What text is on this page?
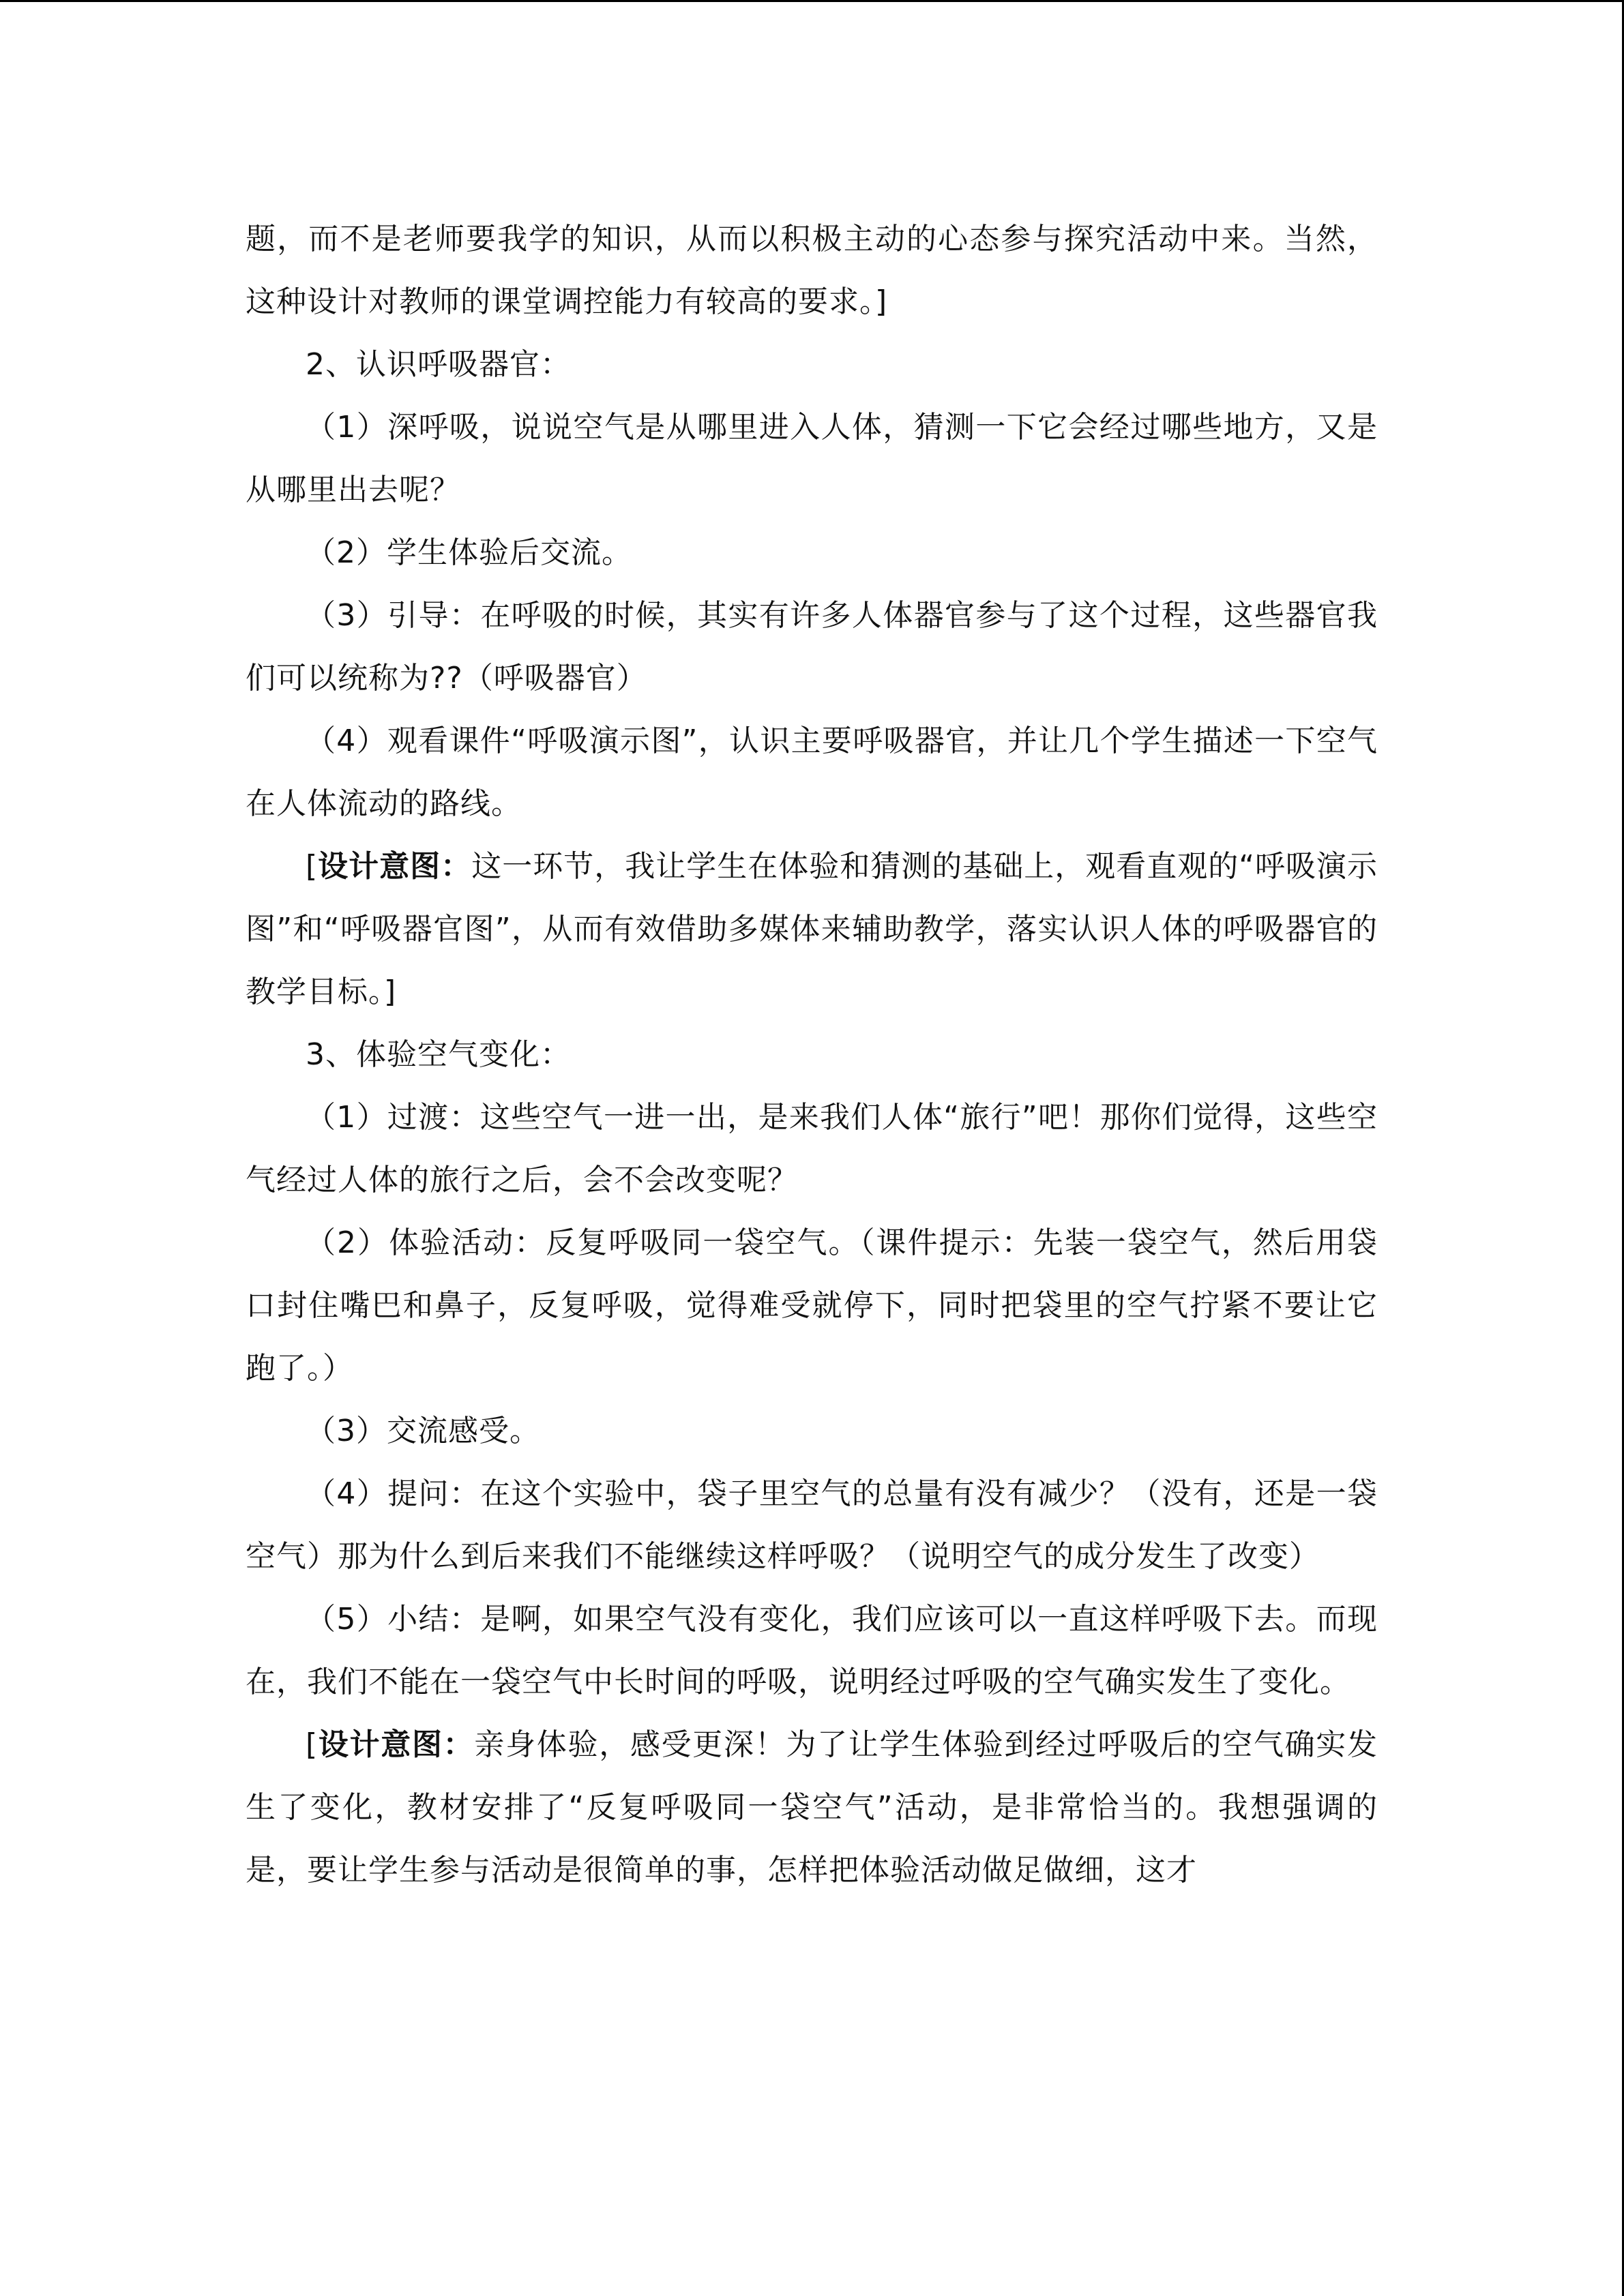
题，而不是老师要我学的知识，从而以积极主动的心态参与探究活动中来。当然，这种设计对教师的课堂调控能力有较高的要求。]

2、认识呼吸器官：

（1）深呼吸，说说空气是从哪里进入人体，猜测一下它会经过哪些地方，又是从哪里出去呢？

（2）学生体验后交流。

（3）引导：在呼吸的时候，其实有许多人体器官参与了这个过程，这些器官我们可以统称为??（呼吸器官）

（4）观看课件“呼吸演示图”，认识主要呼吸器官，并让几个学生描述一下空气在人体流动的路线。

[设计意图：这一环节，我让学生在体验和猜测的基础上，观看直观的“呼吸演示图”和“呼吸器官图”，从而有效借助多媒体来辅助教学，落实认识人体的呼吸器官的教学目标。]

3、体验空气变化：

（1）过渡：这些空气一进一出，是来我们人体“旅行”吧！那你们觉得，这些空气经过人体的旅行之后，会不会改变呢？

（2）体验活动：反复呼吸同一袋空气。（课件提示：先装一袋空气，然后用袋口封住嘴巴和鼻子，反复呼吸，觉得难受就停下，同时把袋里的空气拧紧不要让它跑了。）

（3）交流感受。

（4）提问：在这个实验中，袋子里空气的总量有没有减少？（没有，还是一袋空气）那为什么到后来我们不能继续这样呼吸？（说明空气的成分发生了改变）

（5）小结：是啊，如果空气没有变化，我们应该可以一直这样呼吸下去。而现在，我们不能在一袋空气中长时间的呼吸，说明经过呼吸的空气确实发生了变化。

[设计意图：亲身体验，感受更深！为了让学生体验到经过呼吸后的空气确实发生了变化，教材安排了“反复呼吸同一袋空气”活动，是非常恰当的。我想强调的是，要让学生参与活动是很简单的事，怎样把体验活动做足做细，这才
